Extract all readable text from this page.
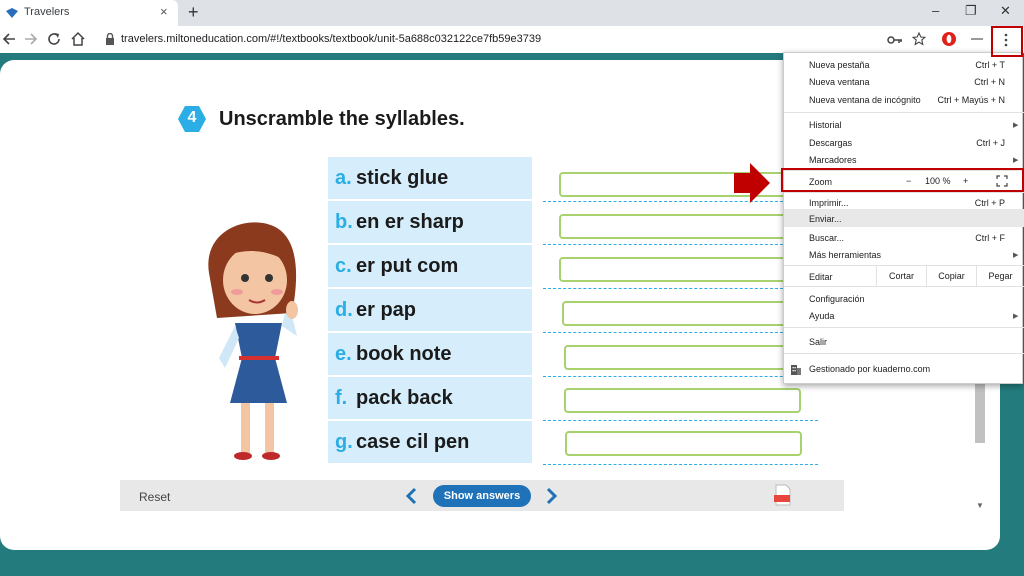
Travelers	× +	– ❐ ✕
travelers.miltoneducation.com/#!/textbooks/textbook/unit-5a688c032122ce7fb59e3739
4	Unscramble the syllables.
a. stick glue
b. en er sharp
c. er put com
d. er pap
e. book note
f. pack back
g. case cil pen
Reset	Show answers
▼
Nueva pestaña	Ctrl + T
Nueva ventana	Ctrl + N
Nueva ventana de incógnito Ctrl + Mayús + N
Historial	▶
Descargas	Ctrl + J
Marcadores	▶
Zoom	− 100 % +
Imprimir...	Ctrl + P
Enviar...
Buscar...	Ctrl + F
Más herramientas	▶
Editar	Cortar	Copiar	Pegar
Configuración
Ayuda	▶
Salir
Gestionado por kuaderno.com
